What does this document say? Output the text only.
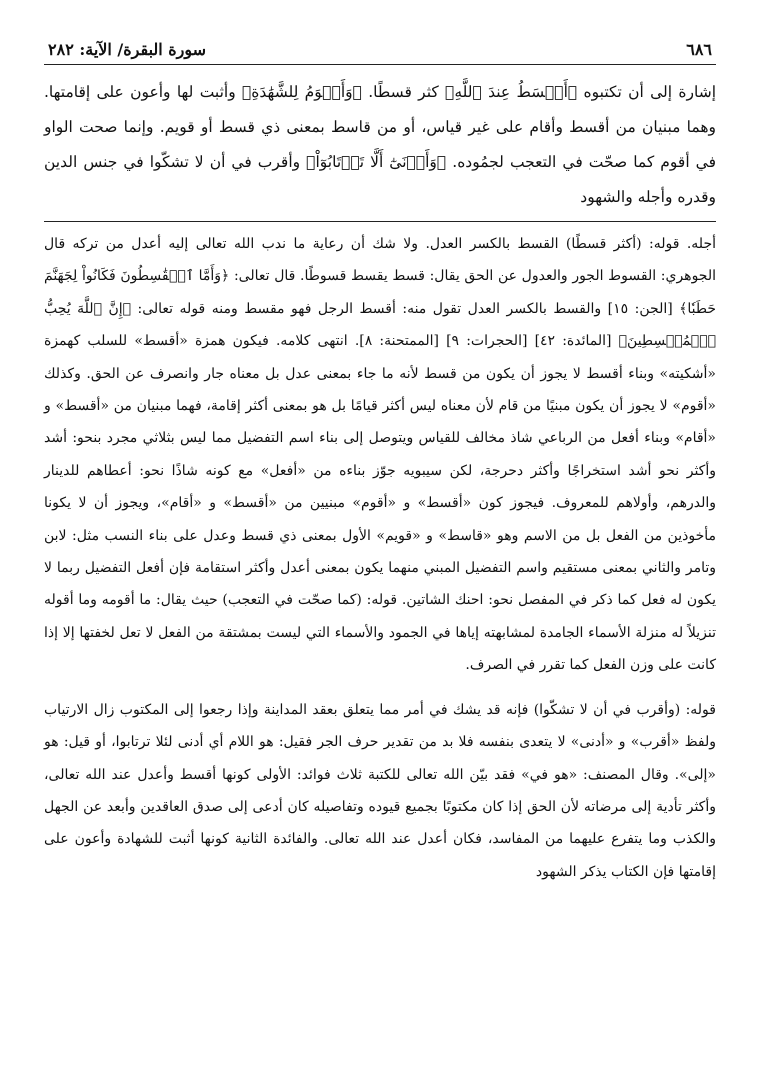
٦٨٦
سورة البقرة/ الآية: ٢٨٢

إشارة إلى أن تكتبوه ﴿أَقۡسَطُ عِندَ ٱللَّهِ﴾ كثر قسطًا. ﴿وَأَقۡوَمُ لِلشَّهَٰدَةِ﴾ وأثبت لها وأعون على إقامتها. وهما مبنيان من أقسط وأقام على غير قياس، أو من قاسط بمعنى ذي قسط أو قويم. وإنما صحت الواو في أقوم كما صحّت في التعجب لجمُوده. ﴿وَأَدۡنَىٰٓ أَلَّا تَرۡتَابُوٓاْ﴾ وأقرب في أن لا تشكّوا في جنس الدين وقدره وأجله والشهود

أجله. قوله: (أكثر قسطًا) القسط بالكسر العدل. ولا شك أن رعاية ما ندب الله تعالى إليه أعدل من تركه قال الجوهري: القسوط الجور والعدول عن الحق يقال: قسط يقسط قسوطًا. قال تعالى: ﴿وَأَمَّا ٱلۡقَٰسِطُونَ فَكَانُواْ لِجَهَنَّمَ حَطَبٗا﴾ [الجن: ١٥] والقسط بالكسر العدل تقول منه: أقسط الرجل فهو مقسط ومنه قوله تعالى: ﴿إِنَّ ٱللَّهَ يُحِبُّ ٱلۡمُقۡسِطِينَ﴾ [المائدة: ٤٢] [الحجرات: ٩] [الممتحنة: ٨]. انتهى كلامه. فيكون همزة «أقسط» للسلب كهمزة «أشكيته» وبناء أقسط لا يجوز أن يكون من قسط لأنه ما جاء بمعنى عدل بل معناه جار وانصرف عن الحق. وكذلك «أقوم» لا يجوز أن يكون مبنيًا من قام لأن معناه ليس أكثر قيامًا بل هو بمعنى أكثر إقامة، فهما مبنيان من «أقسط» و «أقام» وبناء أفعل من الرباعي شاذ مخالف للقياس ويتوصل إلى بناء اسم التفضيل مما ليس بثلاثي مجرد بنحو: أشد وأكثر نحو أشد استخراجًا وأكثر دحرجة، لكن سيبويه جوّز بناءه من «أفعل» مع كونه شاذًا نحو: أعطاهم للدينار والدرهم، وأولاهم للمعروف. فيجوز كون «أقسط» و «أقوم» مبنيين من «أقسط» و «أقام»، ويجوز أن لا يكونا مأخوذين من الفعل بل من الاسم وهو «قاسط» و «قويم» الأول بمعنى ذي قسط وعدل على بناء النسب مثل: لابن وتامر والثاني بمعنى مستقيم واسم التفضيل المبني منهما يكون بمعنى أعدل وأكثر استقامة فإن أفعل التفضيل ربما لا يكون له فعل كما ذكر في المفصل نحو: احنك الشاتين. قوله: (كما صحّت في التعجب) حيث يقال: ما أقومه وما أقوله تنزيلاً له منزلة الأسماء الجامدة لمشابهته إياها في الجمود والأسماء التي ليست بمشتقة من الفعل لا تعل لخفتها إلا إذا كانت على وزن الفعل كما تقرر في الصرف.

قوله: (وأقرب في أن لا تشكّوا) فإنه قد يشك في أمر مما يتعلق بعقد المداينة وإذا رجعوا إلى المكتوب زال الارتياب ولفظ «أقرب» و «أدنى» لا يتعدى بنفسه فلا بد من تقدير حرف الجر فقيل: هو اللام أي أدنى لئلا ترتابوا، أو قيل: هو «إلى». وقال المصنف: «هو في» فقد بيّن الله تعالى للكتبة ثلاث فوائد: الأولى كونها أقسط وأعدل عند الله تعالى، وأكثر تأدية إلى مرضاته لأن الحق إذا كان مكتوبًا بجميع قيوده وتفاصيله كان أدعى إلى صدق العاقدين وأبعد عن الجهل والكذب وما يتفرع عليهما من المفاسد، فكان أعدل عند الله تعالى. والفائدة الثانية كونها أثبت للشهادة وأعون على إقامتها فإن الكتاب يذكر الشهود
